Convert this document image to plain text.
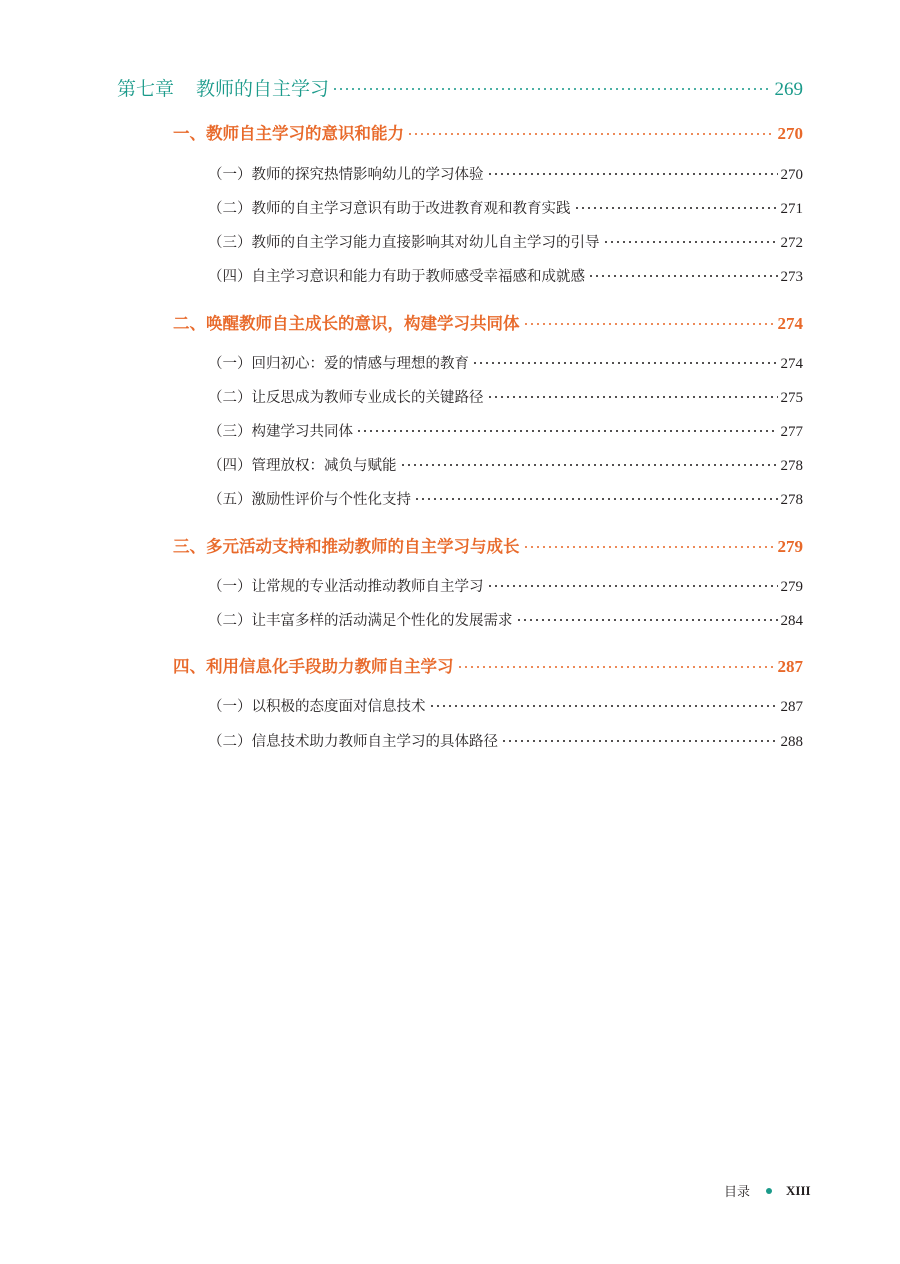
第七章 教师的自主学习	269
一、教师自主学习的意识和能力	270
（一）教师的探究热情影响幼儿的学习体验	270
（二）教师的自主学习意识有助于改进教育观和教育实践	271
（三）教师的自主学习能力直接影响其对幼儿自主学习的引导	272
（四）自主学习意识和能力有助于教师感受幸福感和成就感	273
二、唤醒教师自主成长的意识，构建学习共同体	274
（一）回归初心：爱的情感与理想的教育	274
（二）让反思成为教师专业成长的关键路径	275
（三）构建学习共同体	277
（四）管理放权：减负与赋能	278
（五）激励性评价与个性化支持	278
三、多元活动支持和推动教师的自主学习与成长	279
（一）让常规的专业活动推动教师自主学习	279
（二）让丰富多样的活动满足个性化的发展需求	284
四、利用信息化手段助力教师自主学习	287
（一）以积极的态度面对信息技术	287
（二）信息技术助力教师自主学习的具体路径	288
目录	XIII
